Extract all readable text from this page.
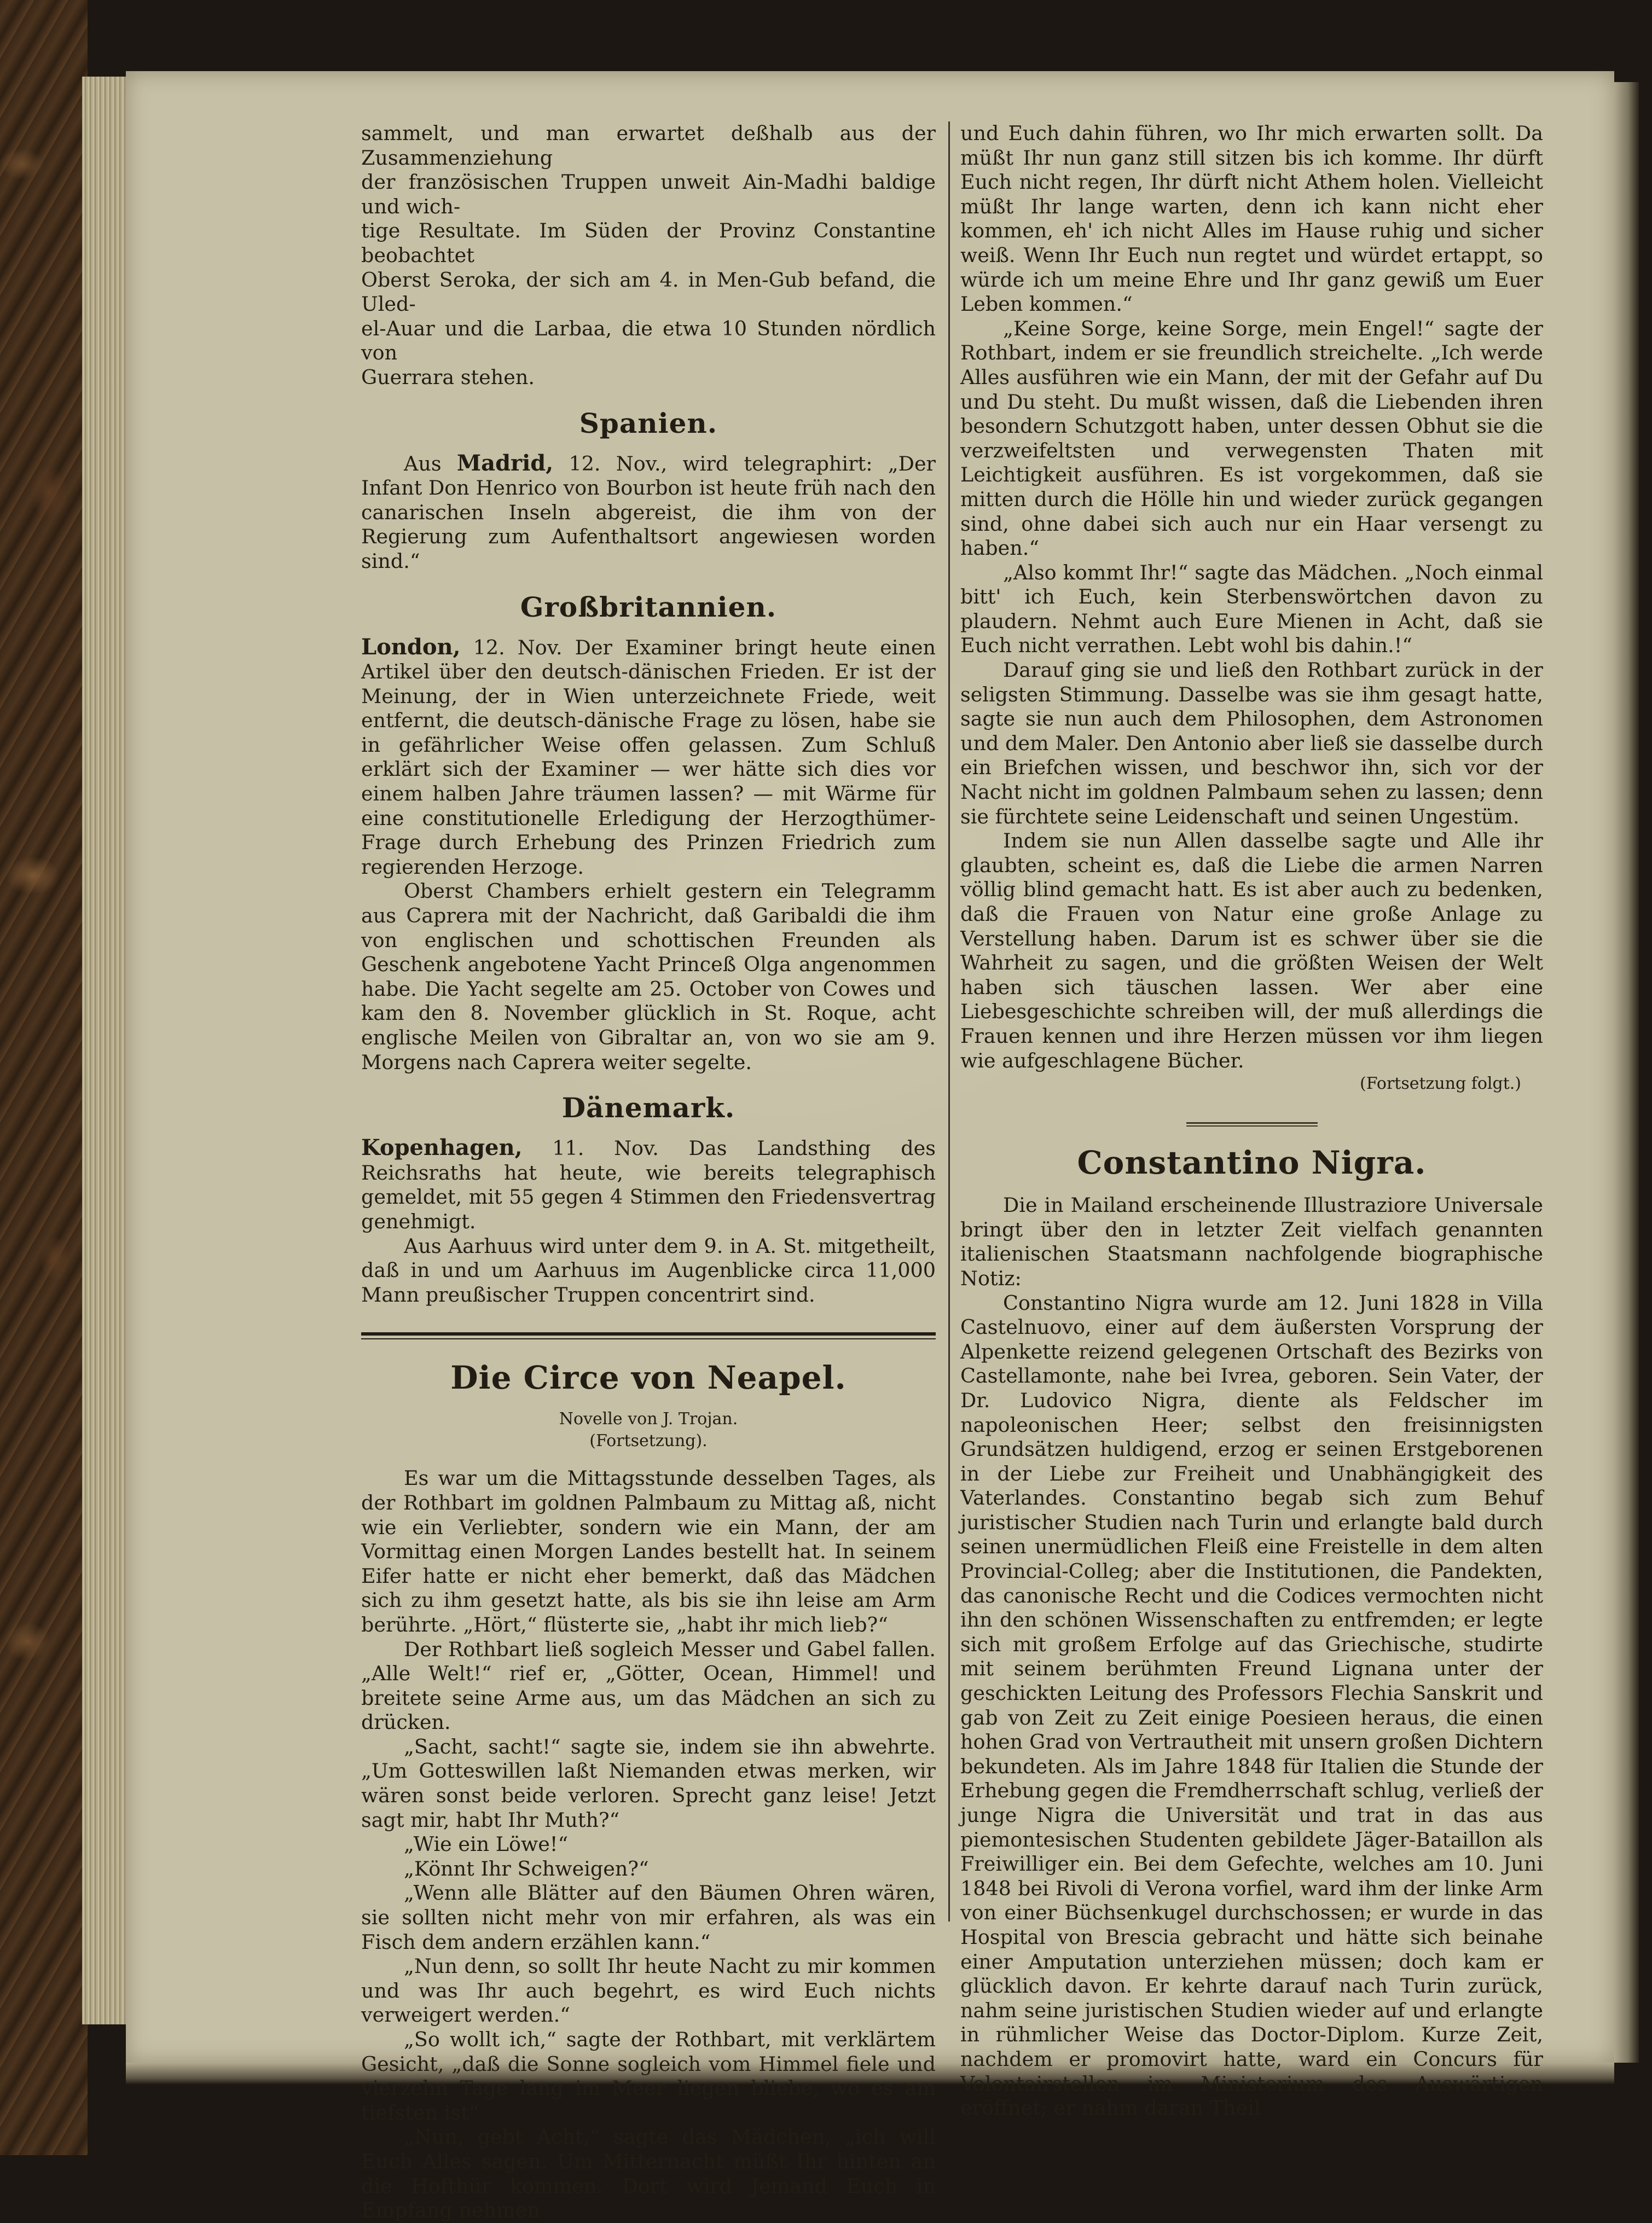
sammelt, und man erwartet deßhalb aus der Zusammenziehung

der französischen Truppen unweit Ain-Madhi baldige und wich-

tige Resultate. Im Süden der Provinz Constantine beobachtet

Oberst Seroka, der sich am 4. in Men-Gub befand, die Uled-

el-Auar und die Larbaa, die etwa 10 Stunden nördlich von

Guerrara stehen.

Spanien.

Aus Madrid, 12. Nov., wird telegraphirt: „Der Infant Don Henrico von Bourbon ist heute früh nach den canarischen Inseln abgereist, die ihm von der Regierung zum Aufenthaltsort angewiesen worden sind.“

Großbritannien.

London, 12. Nov. Der Examiner bringt heute einen Artikel über den deutsch-dänischen Frieden. Er ist der Meinung, der in Wien unterzeichnete Friede, weit entfernt, die deutsch-dänische Frage zu lösen, habe sie in gefährlicher Weise offen gelassen. Zum Schluß erklärt sich der Examiner — wer hätte sich dies vor einem halben Jahre träumen lassen? — mit Wärme für eine constitutionelle Erledigung der Herzogthümer-Frage durch Erhebung des Prinzen Friedrich zum regierenden Herzoge.

Oberst Chambers erhielt gestern ein Telegramm aus Caprera mit der Nachricht, daß Garibaldi die ihm von englischen und schottischen Freunden als Geschenk angebotene Yacht Princeß Olga angenommen habe. Die Yacht segelte am 25. October von Cowes und kam den 8. November glücklich in St. Roque, acht englische Meilen von Gibraltar an, von wo sie am 9. Morgens nach Caprera weiter segelte.

Dänemark.

Kopenhagen, 11. Nov. Das Landsthing des Reichsraths hat heute, wie bereits telegraphisch gemeldet, mit 55 gegen 4 Stimmen den Friedensvertrag genehmigt.

Aus Aarhuus wird unter dem 9. in A. St. mitgetheilt, daß in und um Aarhuus im Augenblicke circa 11,000 Mann preußischer Truppen concentrirt sind.

Die Circe von Neapel.
Novelle von J. Trojan.
(Fortsetzung).

Es war um die Mittagsstunde desselben Tages, als der Rothbart im goldnen Palmbaum zu Mittag aß, nicht wie ein Verliebter, sondern wie ein Mann, der am Vormittag einen Morgen Landes bestellt hat. In seinem Eifer hatte er nicht eher bemerkt, daß das Mädchen sich zu ihm gesetzt hatte, als bis sie ihn leise am Arm berührte. „Hört,“ flüsterte sie, „habt ihr mich lieb?“

Der Rothbart ließ sogleich Messer und Gabel fallen. „Alle Welt!“ rief er, „Götter, Ocean, Himmel! und breitete seine Arme aus, um das Mädchen an sich zu drücken.

„Sacht, sacht!“ sagte sie, indem sie ihn abwehrte. „Um Gotteswillen laßt Niemanden etwas merken, wir wären sonst beide verloren. Sprecht ganz leise! Jetzt sagt mir, habt Ihr Muth?“

„Wie ein Löwe!“

„Könnt Ihr Schweigen?“

„Wenn alle Blätter auf den Bäumen Ohren wären, sie sollten nicht mehr von mir erfahren, als was ein Fisch dem andern erzählen kann.“

„Nun denn, so sollt Ihr heute Nacht zu mir kommen und was Ihr auch begehrt, es wird Euch nichts verweigert werden.“

„So wollt ich,“ sagte der Rothbart, mit verklärtem Gesicht, „daß die Sonne sogleich vom Himmel fiele und vierzehn Tage lang im Meer liegen bliebe, wo es am tiefsten ist“

„Nun, gebt Acht,“ sagte das Mädchen, „ich will Euch Alles sagen. Um Mitternacht müßt Ihr hinten an die Hofthür kommen. Dort wird Jemand Euch in Empfang nehmen

und Euch dahin führen, wo Ihr mich erwarten sollt. Da müßt Ihr nun ganz still sitzen bis ich komme. Ihr dürft Euch nicht regen, Ihr dürft nicht Athem holen. Vielleicht müßt Ihr lange warten, denn ich kann nicht eher kommen, eh' ich nicht Alles im Hause ruhig und sicher weiß. Wenn Ihr Euch nun regtet und würdet ertappt, so würde ich um meine Ehre und Ihr ganz gewiß um Euer Leben kommen.“

„Keine Sorge, keine Sorge, mein Engel!“ sagte der Rothbart, indem er sie freundlich streichelte. „Ich werde Alles ausführen wie ein Mann, der mit der Gefahr auf Du und Du steht. Du mußt wissen, daß die Liebenden ihren besondern Schutzgott haben, unter dessen Obhut sie die verzweifeltsten und verwegensten Thaten mit Leichtigkeit ausführen. Es ist vorgekommen, daß sie mitten durch die Hölle hin und wieder zurück gegangen sind, ohne dabei sich auch nur ein Haar versengt zu haben.“

„Also kommt Ihr!“ sagte das Mädchen. „Noch einmal bitt' ich Euch, kein Sterbenswörtchen davon zu plaudern. Nehmt auch Eure Mienen in Acht, daß sie Euch nicht verrathen. Lebt wohl bis dahin.!“

Darauf ging sie und ließ den Rothbart zurück in der seligsten Stimmung. Dasselbe was sie ihm gesagt hatte, sagte sie nun auch dem Philosophen, dem Astronomen und dem Maler. Den Antonio aber ließ sie dasselbe durch ein Briefchen wissen, und beschwor ihn, sich vor der Nacht nicht im goldnen Palmbaum sehen zu lassen; denn sie fürchtete seine Leidenschaft und seinen Ungestüm.

Indem sie nun Allen dasselbe sagte und Alle ihr glaubten, scheint es, daß die Liebe die armen Narren völlig blind gemacht hatt. Es ist aber auch zu bedenken, daß die Frauen von Natur eine große Anlage zu Verstellung haben. Darum ist es schwer über sie die Wahrheit zu sagen, und die größten Weisen der Welt haben sich täuschen lassen. Wer aber eine Liebesgeschichte schreiben will, der muß allerdings die Frauen kennen und ihre Herzen müssen vor ihm liegen wie aufgeschlagene Bücher.

(Fortsetzung folgt.)
Constantino Nigra.

Die in Mailand erscheinende Illustraziore Universale bringt über den in letzter Zeit vielfach genannten italienischen Staatsmann nachfolgende biographische Notiz:

Constantino Nigra wurde am 12. Juni 1828 in Villa Castelnuovo, einer auf dem äußersten Vorsprung der Alpenkette reizend gelegenen Ortschaft des Bezirks von Castellamonte, nahe bei Ivrea, geboren. Sein Vater, der Dr. Ludovico Nigra, diente als Feldscher im napoleonischen Heer; selbst den freisinnigsten Grundsätzen huldigend, erzog er seinen Erstgeborenen in der Liebe zur Freiheit und Unabhängigkeit des Vaterlandes. Constantino begab sich zum Behuf juristischer Studien nach Turin und erlangte bald durch seinen unermüdlichen Fleiß eine Freistelle in dem alten Provincial-Colleg; aber die Institutionen, die Pandekten, das canonische Recht und die Codices vermochten nicht ihn den schönen Wissenschaften zu entfremden; er legte sich mit großem Erfolge auf das Griechische, studirte mit seinem berühmten Freund Lignana unter der geschickten Leitung des Professors Flechia Sanskrit und gab von Zeit zu Zeit einige Poesieen heraus, die einen hohen Grad von Vertrautheit mit unsern großen Dichtern bekundeten. Als im Jahre 1848 für Italien die Stunde der Erhebung gegen die Fremdherrschaft schlug, verließ der junge Nigra die Universität und trat in das aus piemontesischen Studenten gebildete Jäger-Bataillon als Freiwilliger ein. Bei dem Gefechte, welches am 10. Juni 1848 bei Rivoli di Verona vorfiel, ward ihm der linke Arm von einer Büchsenkugel durchschossen; er wurde in das Hospital von Brescia gebracht und hätte sich beinahe einer Amputation unterziehen müssen; doch kam er glücklich davon. Er kehrte darauf nach Turin zurück, nahm seine juristischen Studien wieder auf und erlangte in rühmlicher Weise das Doctor-Diplom. Kurze Zeit, nachdem er promovirt hatte, ward ein Concurs für Volontairstellen im Ministerium des Auswärtigen eröffnet; er nahm daran Theil
